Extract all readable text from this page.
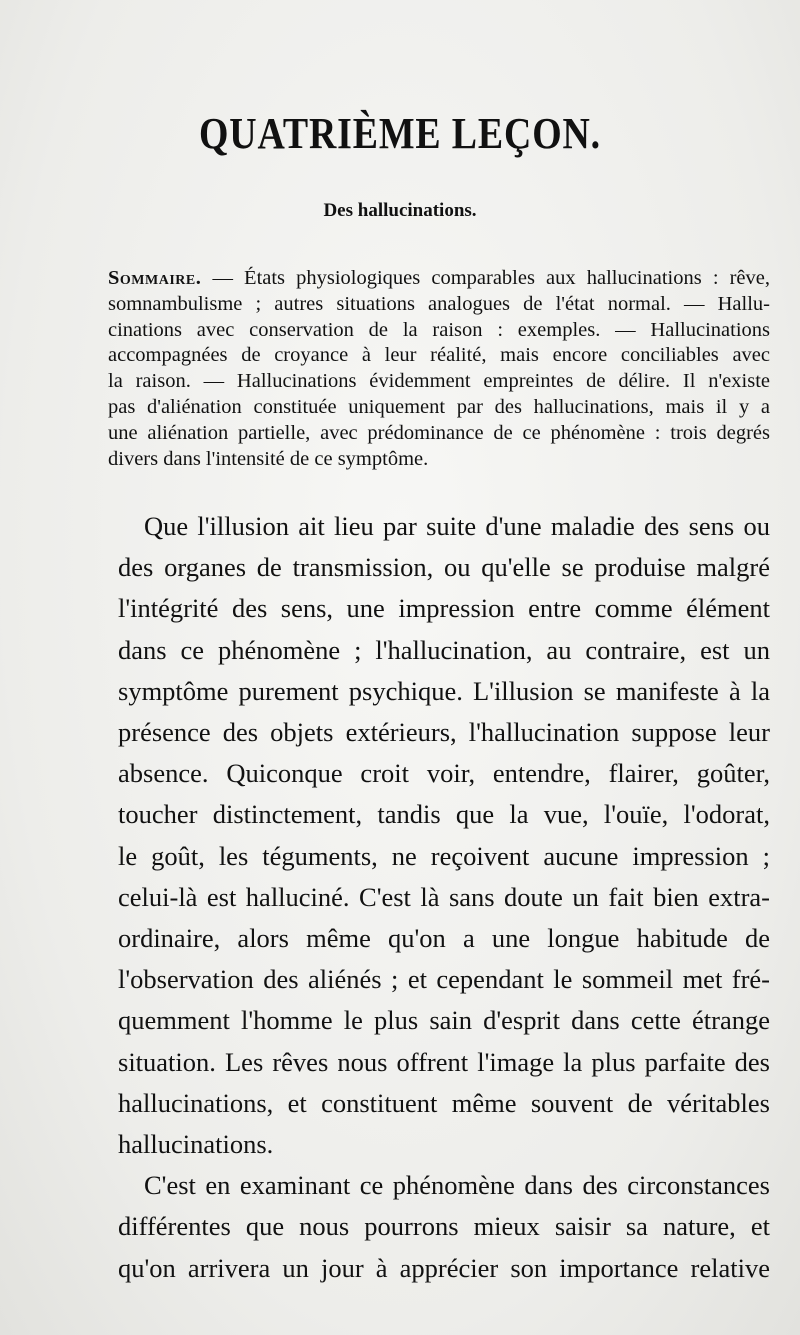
QUATRIÈME LEÇON.
Des hallucinations.
Sommaire. — États physiologiques comparables aux hallucinations : rêve,
somnambulisme ; autres situations analogues de l'état normal. — Hallu-
cinations avec conservation de la raison : exemples. — Hallucinations
accompagnées de croyance à leur réalité, mais encore conciliables avec
la raison. — Hallucinations évidemment empreintes de délire. Il n'existe
pas d'aliénation constituée uniquement par des hallucinations, mais il y a
une aliénation partielle, avec prédominance de ce phénomène : trois degrés
divers dans l'intensité de ce symptôme.
Que l'illusion ait lieu par suite d'une maladie des sens ou
des organes de transmission, ou qu'elle se produise malgré
l'intégrité des sens, une impression entre comme élément
dans ce phénomène ; l'hallucination, au contraire, est un
symptôme purement psychique. L'illusion se manifeste à la
présence des objets extérieurs, l'hallucination suppose leur
absence. Quiconque croit voir, entendre, flairer, goûter,
toucher distinctement, tandis que la vue, l'ouïe, l'odorat,
le goût, les téguments, ne reçoivent aucune impression ;
celui-là est halluciné. C'est là sans doute un fait bien extra-
ordinaire, alors même qu'on a une longue habitude de
l'observation des aliénés ; et cependant le sommeil met fré-
quemment l'homme le plus sain d'esprit dans cette étrange
situation. Les rêves nous offrent l'image la plus parfaite des
hallucinations, et constituent même souvent de véritables
hallucinations.
C'est en examinant ce phénomène dans des circonstances
différentes que nous pourrons mieux saisir sa nature, et
qu'on arrivera un jour à apprécier son importance relative
